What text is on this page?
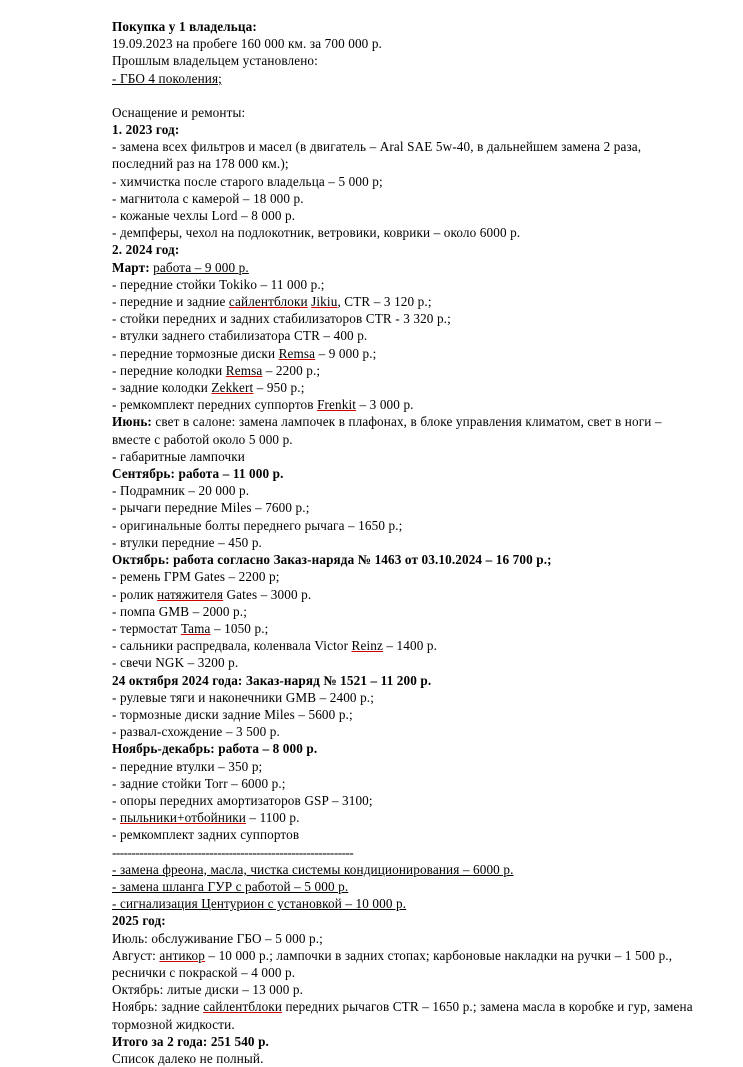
Покупка у 1 владельца:
19.09.2023 на пробеге 160 000 км. за 700 000 р.
Прошлым владельцем установлено:
- ГБО 4 поколения;
Оснащение и ремонты:
1. 2023 год:
- замена всех фильтров и масел (в двигатель – Aral SAE 5w-40, в дальнейшем замена 2 раза,
последний раз на 178 000 км.);
- химчистка после старого владельца – 5 000 р;
- магнитола с камерой – 18 000 р.
- кожаные чехлы Lord – 8 000 р.
- демпферы, чехол на подлокотник, ветровики, коврики – около 6000 р.
2. 2024 год:
Март: работа – 9 000 р.
- передние стойки Tokiko – 11 000 р.;
- передние и задние сайлентблоки Jikiu, CTR – 3 120 р.;
- стойки передних и задних стабилизаторов CTR - 3 320 р.;
- втулки заднего стабилизатора CTR – 400 р.
- передние тормозные диски Remsa – 9 000 р.;
- передние колодки Remsa – 2200 р.;
- задние колодки Zekkert – 950 р.;
- ремкомплект передних суппортов Frenkit – 3 000 р.
Июнь: свет в салоне: замена лампочек в плафонах, в блоке управления климатом, свет в ноги –
вместе с работой около 5 000 р.
- габаритные лампочки
Сентябрь: работа – 11 000 р.
- Подрамник – 20 000 р.
- рычаги передние Miles – 7600 р.;
- оригинальные болты переднего рычага – 1650 р.;
- втулки передние – 450 р.
Октябрь: работа согласно Заказ-наряда № 1463 от 03.10.2024 – 16 700 р.;
- ремень ГРМ Gates – 2200 р;
- ролик натяжителя Gates – 3000 р.
- помпа GMB – 2000 р.;
- термостат Tama – 1050 р.;
- сальники распредвала, коленвала Victor Reinz – 1400 р.
- свечи NGK – 3200 р.
24 октября 2024 года: Заказ-наряд № 1521 – 11 200 р.
- рулевые тяги и наконечники GMB – 2400 р.;
- тормозные диски задние Miles – 5600 р.;
- развал-схождение – 3 500 р.
Ноябрь-декабрь: работа – 8 000 р.
- передние втулки – 350 р;
- задние стойки Torr – 6000 р.;
- опоры передних амортизаторов GSP – 3100;
- пыльники+отбойники – 1100 р.
- ремкомплект задних суппортов
--------------------------------------------------------------
- замена фреона, масла, чистка системы кондиционирования – 6000 р.
- замена шланга ГУР с работой – 5 000 р.
- сигнализация Центурион с установкой – 10 000 р.
2025 год:
Июль: обслуживание ГБО – 5 000 р.;
Август: антикор – 10 000 р.; лампочки в задних стопах; карбоновые накладки на ручки – 1 500 р.,
реснички с покраской – 4 000 р.
Октябрь: литые диски – 13 000 р.
Ноябрь: задние сайлентблоки передних рычагов CTR – 1650 р.; замена масла в коробке и гур, замена
тормозной жидкости.
Итого за 2 года: 251 540 р.
Список далеко не полный.
